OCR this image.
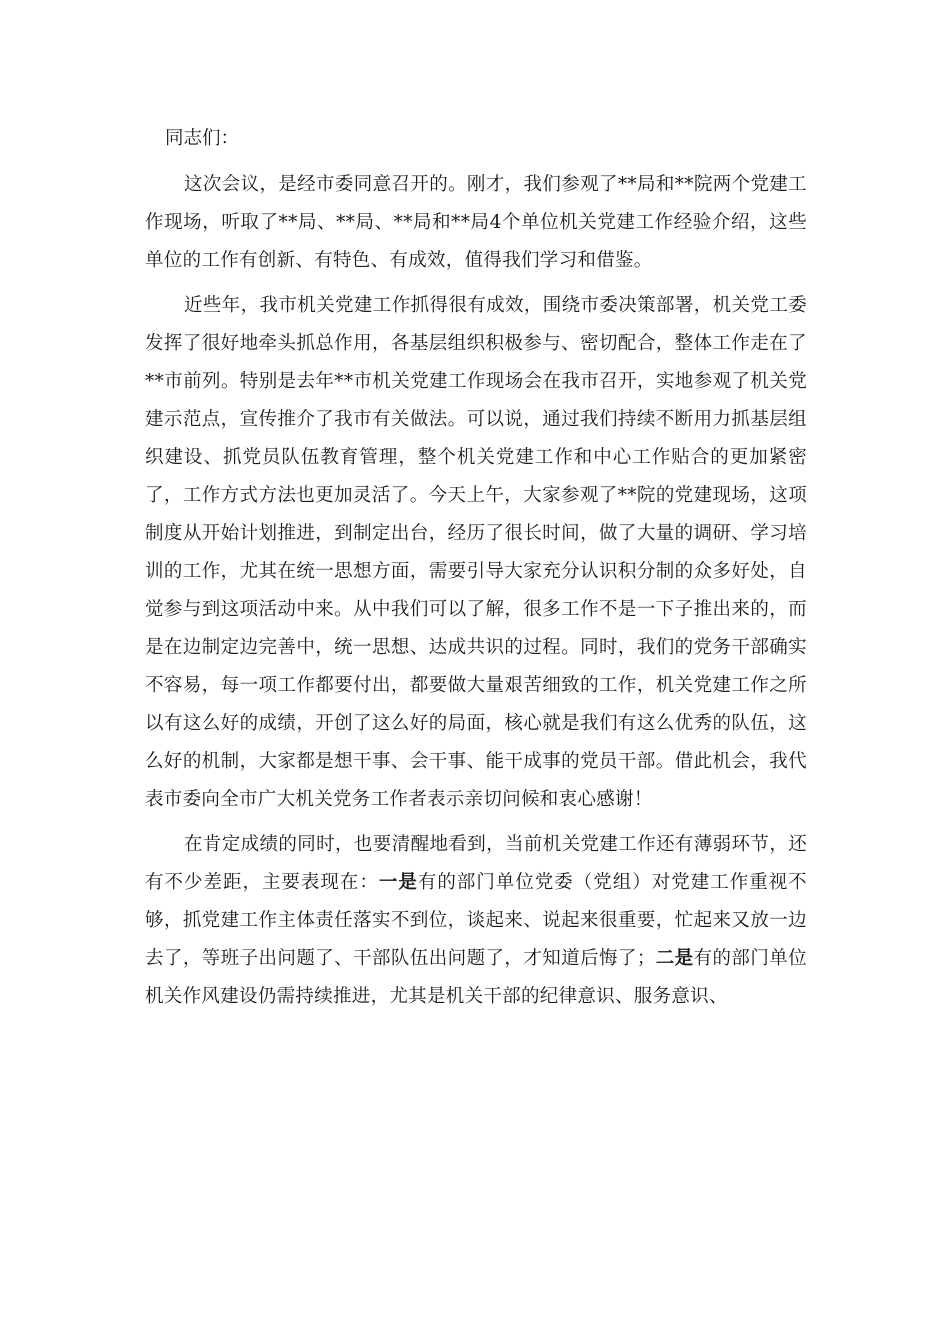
同志们：

这次会议，是经市委同意召开的。刚才，我们参观了**局和**院两个党建工作现场，听取了**局、**局、**局和**局4个单位机关党建工作经验介绍，这些单位的工作有创新、有特色、有成效，值得我们学习和借鉴。

近些年，我市机关党建工作抓得很有成效，围绕市委决策部署，机关党工委发挥了很好地牵头抓总作用，各基层组织积极参与、密切配合，整体工作走在了**市前列。特别是去年**市机关党建工作现场会在我市召开，实地参观了机关党建示范点，宣传推介了我市有关做法。可以说，通过我们持续不断用力抓基层组织建设、抓党员队伍教育管理，整个机关党建工作和中心工作贴合的更加紧密了，工作方式方法也更加灵活了。今天上午，大家参观了**院的党建现场，这项制度从开始计划推进，到制定出台，经历了很长时间，做了大量的调研、学习培训的工作，尤其在统一思想方面，需要引导大家充分认识积分制的众多好处，自觉参与到这项活动中来。从中我们可以了解，很多工作不是一下子推出来的，而是在边制定边完善中，统一思想、达成共识的过程。同时，我们的党务干部确实不容易，每一项工作都要付出，都要做大量艰苦细致的工作，机关党建工作之所以有这么好的成绩，开创了这么好的局面，核心就是我们有这么优秀的队伍，这么好的机制，大家都是想干事、会干事、能干成事的党员干部。借此机会，我代表市委向全市广大机关党务工作者表示亲切问候和衷心感谢！

在肯定成绩的同时，也要清醒地看到，当前机关党建工作还有薄弱环节，还有不少差距，主要表现在：一是有的部门单位党委（党组）对党建工作重视不够，抓党建工作主体责任落实不到位，谈起来、说起来很重要，忙起来又放一边去了，等班子出问题了、干部队伍出问题了，才知道后悔了；二是有的部门单位机关作风建设仍需持续推进，尤其是机关干部的纪律意识、服务意识、
